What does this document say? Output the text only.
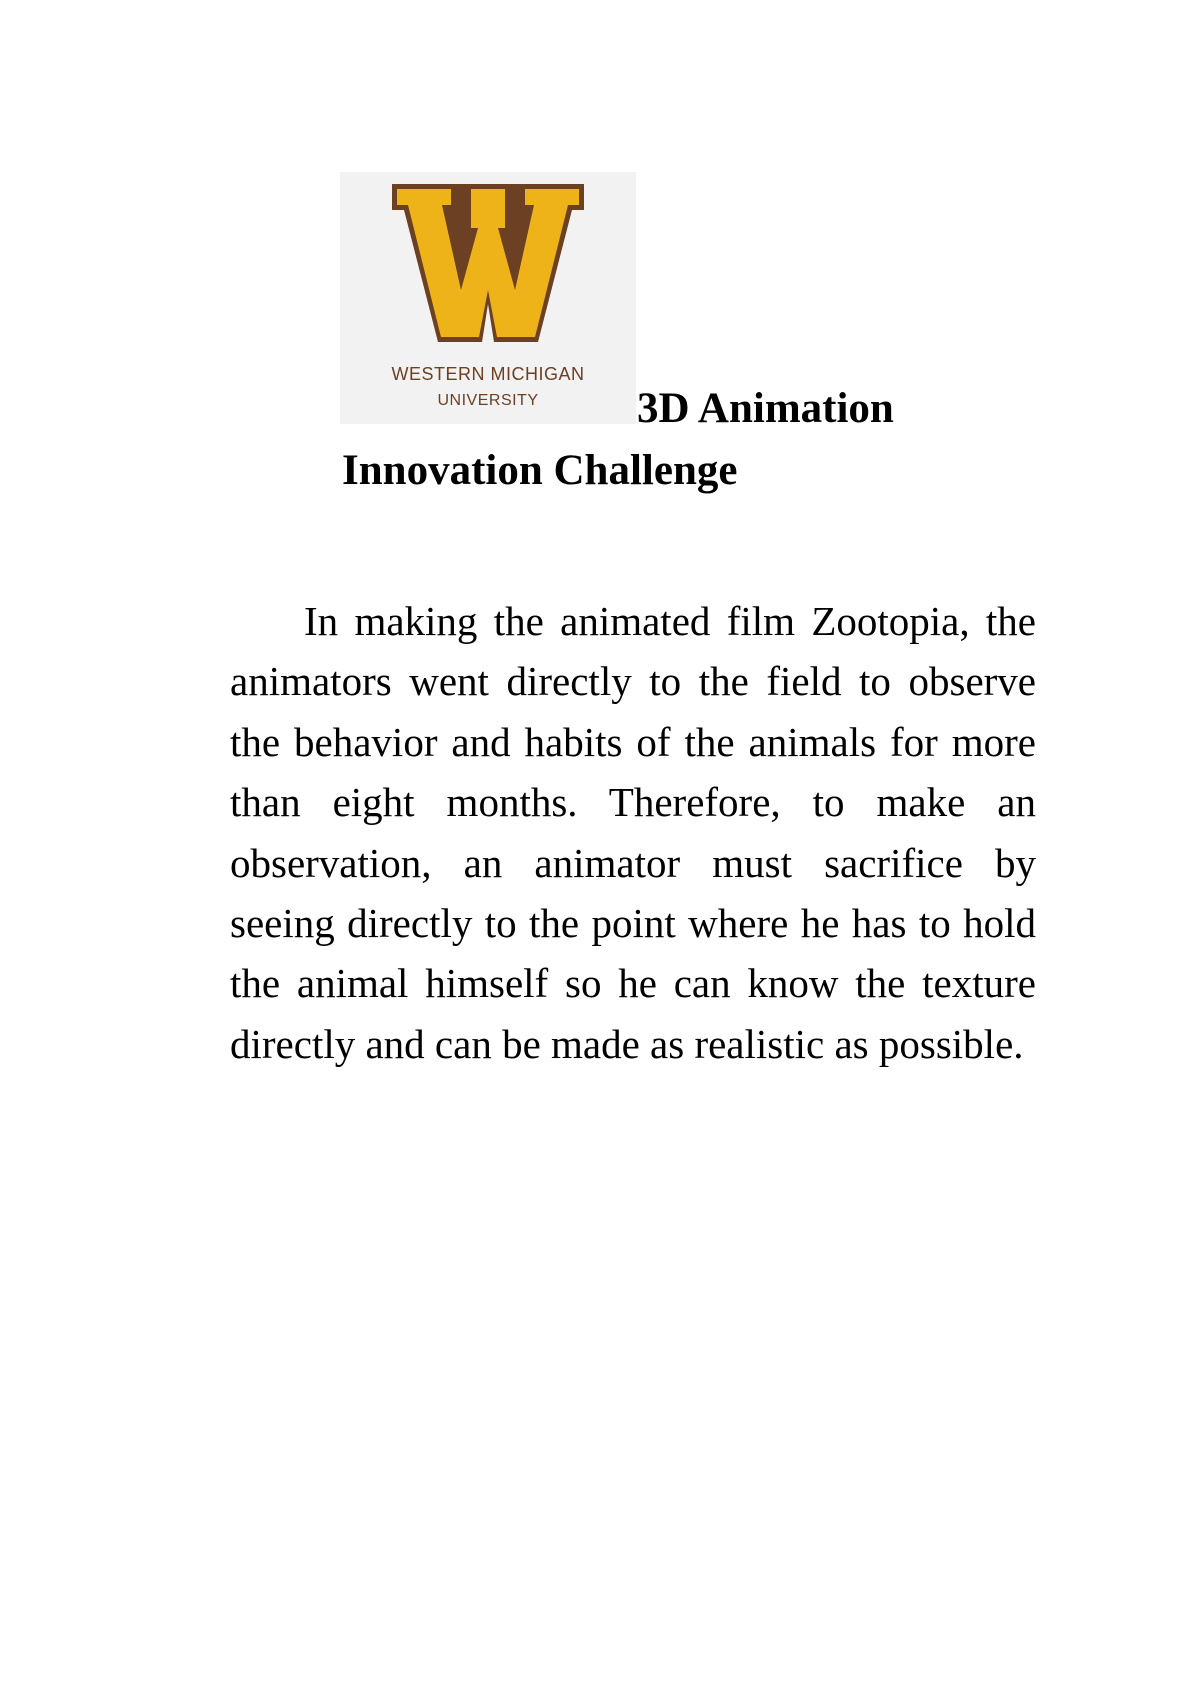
WESTERN MICHIGAN
UNIVERSITY 3D Animation
Innovation Challenge

In making the animated film Zootopia, the animators went directly to the field to observe the behavior and habits of the animals for more than eight months. Therefore, to make an observation, an animator must sacrifice by seeing directly to the point where he has to hold the animal himself so he can know the texture directly and can be made as realistic as possible.
